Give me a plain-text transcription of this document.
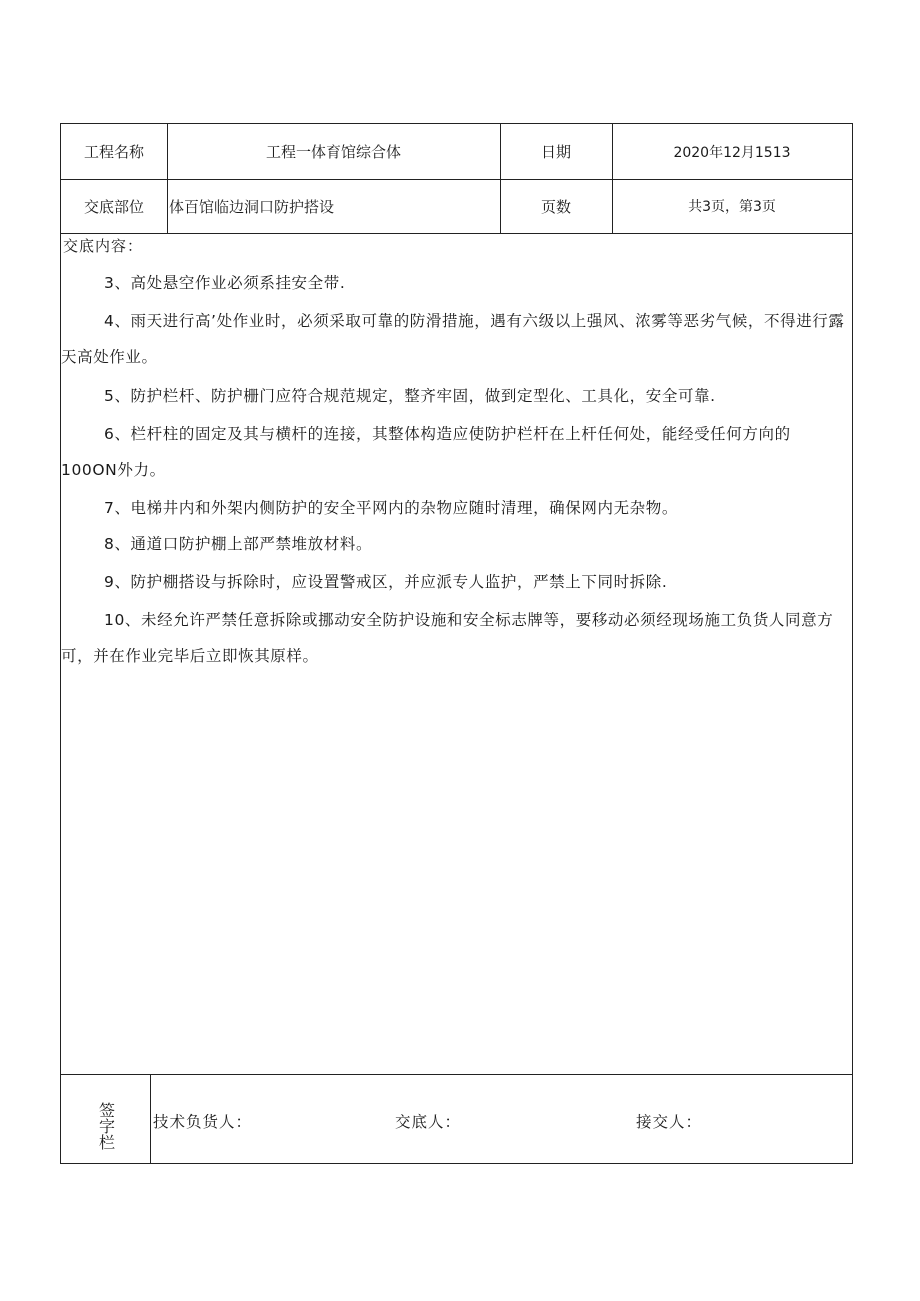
工程名称	工程一体育馆综合体	日期	2020年12月1513
交底部位	体百馆临边洞口防护搭设	页数	共3页，第3页
交底内容：
3、高处悬空作业必须系挂安全带.
4、雨天进行高’处作业时，必须采取可靠的防滑措施，遇有六级以上强风、浓雾等恶劣气候，不得进行露天高处作业。
5、防护栏杆、防护栅门应符合规范规定，整齐牢固，做到定型化、工具化，安全可靠.
6、栏杆柱的固定及其与横杆的连接，其整体构造应使防护栏杆在上杆任何处，能经受任何方向的100ON外力。
7、电梯井内和外架内侧防护的安全平网内的杂物应随时清理，确保网内无杂物。
8、通道口防护棚上部严禁堆放材料。
9、防护棚搭设与拆除时，应设置警戒区，并应派专人监护，严禁上下同时拆除.
10、未经允许严禁任意拆除或挪动安全防护设施和安全标志牌等，要移动必须经现场施工负货人同意方可，并在作业完毕后立即恢其原样。
签字栏 技术负货人：	交底人：	接交人：
